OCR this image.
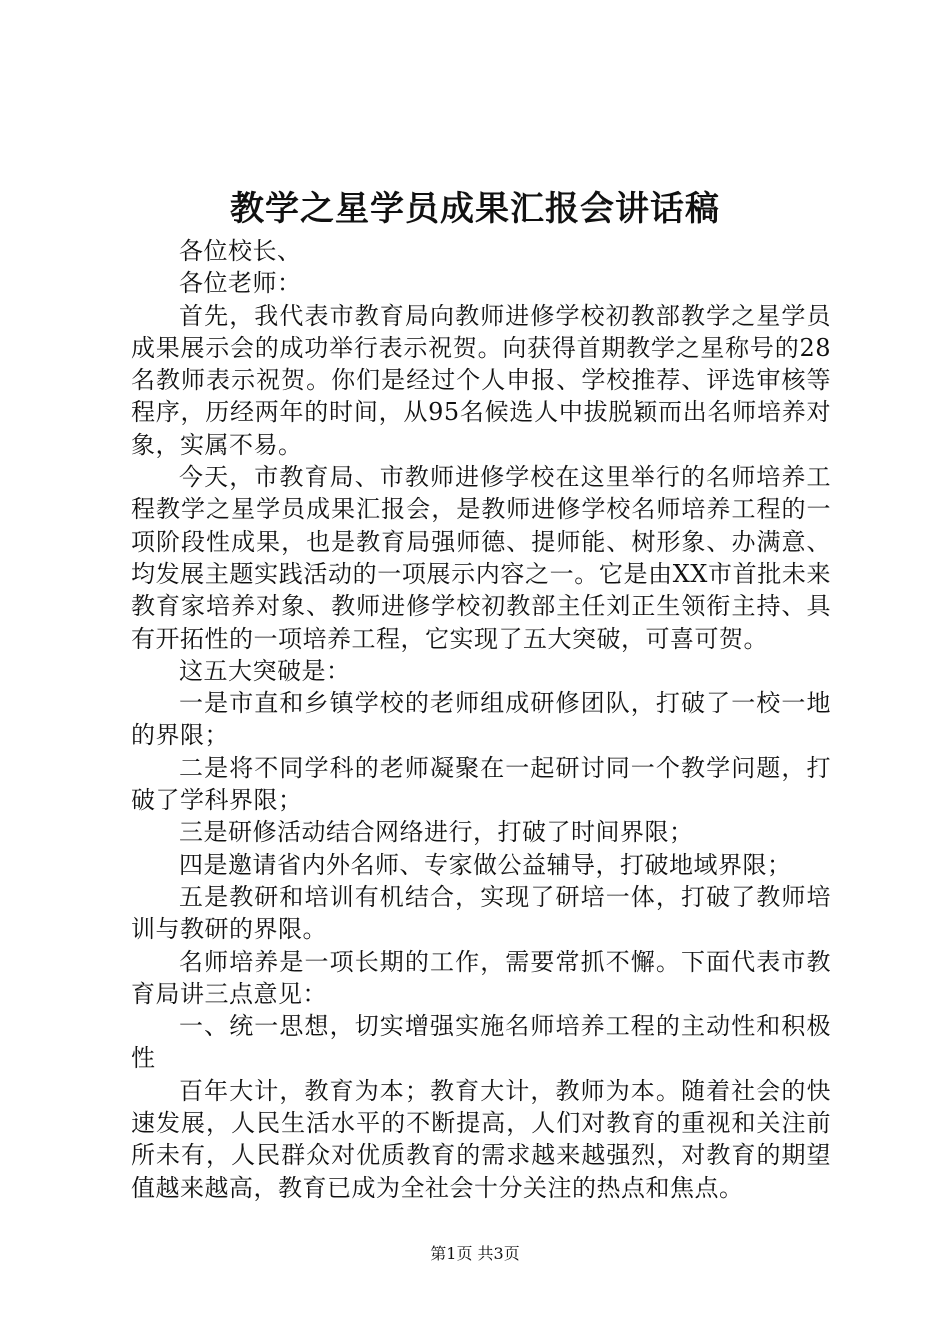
教学之星学员成果汇报会讲话稿

各位校长、

各位老师：

首先，我代表市教育局向教师进修学校初教部教学之星学员成果展示会的成功举行表示祝贺。向获得首期教学之星称号的28名教师表示祝贺。你们是经过个人申报、学校推荐、评选审核等程序，历经两年的时间，从95名候选人中拔脱颖而出名师培养对象，实属不易。

今天，市教育局、市教师进修学校在这里举行的名师培养工程教学之星学员成果汇报会，是教师进修学校名师培养工程的一项阶段性成果，也是教育局强师德、提师能、树形象、办满意、均发展主题实践活动的一项展示内容之一。它是由XX市首批未来教育家培养对象、教师进修学校初教部主任刘正生领衔主持、具有开拓性的一项培养工程，它实现了五大突破，可喜可贺。

这五大突破是：

一是市直和乡镇学校的老师组成研修团队，打破了一校一地的界限；

二是将不同学科的老师凝聚在一起研讨同一个教学问题，打破了学科界限；

三是研修活动结合网络进行，打破了时间界限；

四是邀请省内外名师、专家做公益辅导，打破地域界限；

五是教研和培训有机结合，实现了研培一体，打破了教师培训与教研的界限。

名师培养是一项长期的工作，需要常抓不懈。下面代表市教育局讲三点意见：

一、统一思想，切实增强实施名师培养工程的主动性和积极性

百年大计，教育为本；教育大计，教师为本。随着社会的快速发展，人民生活水平的不断提高，人们对教育的重视和关注前所未有，人民群众对优质教育的需求越来越强烈，对教育的期望值越来越高，教育已成为全社会十分关注的热点和焦点。

第1页 共3页
